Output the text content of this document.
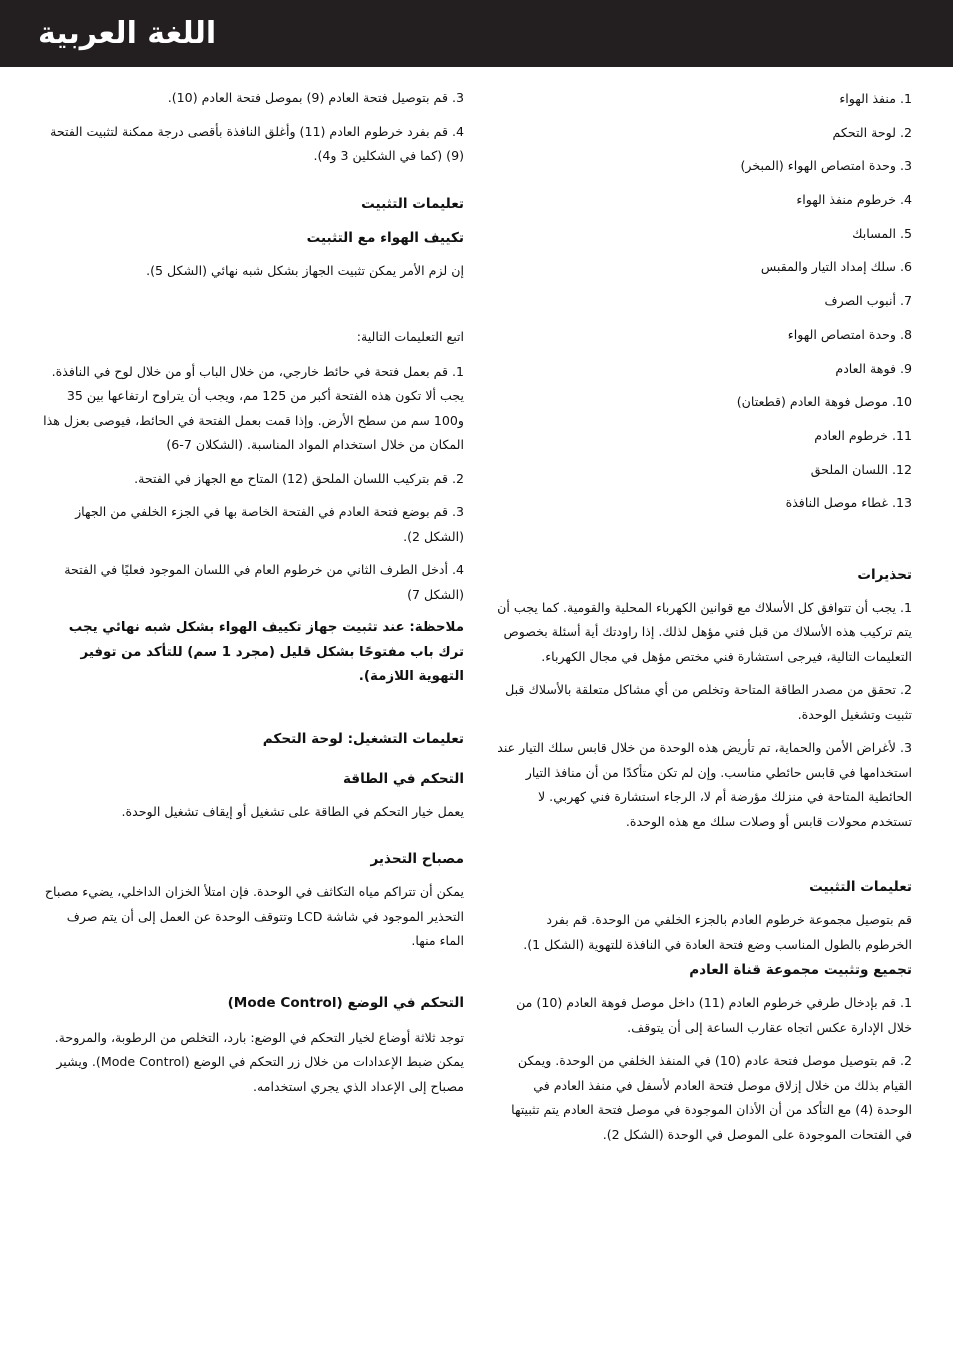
اللغة العربية
1. منفذ الهواء
2. لوحة التحكم
3. وحدة امتصاص الهواء (المبخر)
4. خرطوم منفذ الهواء
5. المسابك
6. سلك إمداد التيار والمقبس
7. أنبوب الصرف
8. وحدة امتصاص الهواء
9. فوهة العادم
10. موصل فوهة العادم (قطعتان)
11. خرطوم العادم
12. اللسان الملحق
13. غطاء موصل النافذة
تحذيرات

1. يجب أن تتوافق كل الأسلاك مع قوانين الكهرباء المحلية والقومية. كما يجب أن يتم تركيب هذه الأسلاك من قبل فني مؤهل لذلك. إذا راودتك أية أسئلة بخصوص التعليمات التالية، فيرجى استشارة فني مختص مؤهل في مجال الكهرباء.

2. تحقق من مصدر الطاقة المتاحة وتخلص من أي مشاكل متعلقة بالأسلاك قبل تثبيت وتشغيل الوحدة.

3. لأغراض الأمن والحماية، تم تأريض هذه الوحدة من خلال قابس سلك التيار عند استخدامها في قابس حائطي مناسب. وإن لم تكن متأكدًا من أن منافذ التيار الحائطية المتاحة في منزلك مؤرضة أم لا، الرجاء استشارة فني كهربي. لا تستخدم محولات قابس أو وصلات سلك مع هذه الوحدة.

تعليمات التثبيت

قم بتوصيل مجموعة خرطوم العادم بالجزء الخلفي من الوحدة. قم بفرد الخرطوم بالطول المناسب وضع فتحة العادة في النافذة للتهوية (الشكل 1).

تجميع وتثبيت مجموعة قناة العادم

1. قم بإدخال طرفي خرطوم العادم (11) داخل موصل فوهة العادم (10) من خلال الإدارة عكس اتجاه عقارب الساعة إلى أن يتوقف.

2. قم بتوصيل موصل فتحة عادم (10) في المنفذ الخلفي من الوحدة. ويمكن القيام بذلك من خلال إزلاق موصل فتحة العادم لأسفل في منفذ العادم في الوحدة (4) مع التأكد من أن الأذان الموجودة في موصل فتحة العادم يتم تثبيتها في الفتحات الموجودة على الموصل في الوحدة (الشكل 2).

3. قم بتوصيل فتحة العادم (9) بموصل فتحة العادم (10).

4. قم بفرد خرطوم العادم (11) وأغلق النافذة بأقصى درجة ممكنة لتثبيت الفتحة (9) (كما في الشكلين 3 و4).

تعليمات التثبيت
تكييف الهواء مع التثبيت

إن لزم الأمر يمكن تثبيت الجهاز بشكل شبه نهائي (الشكل 5).

اتبع التعليمات التالية:

1. قم بعمل فتحة في حائط خارجي، من خلال الباب أو من خلال لوح في النافذة. يجب ألا تكون هذه الفتحة أكبر من 125 مم، ويجب أن يتراوح ارتفاعها بين 35 و100 سم من سطح الأرض. وإذا قمت بعمل الفتحة في الحائط، فيوصى بعزل هذا المكان من خلال استخدام المواد المناسبة. (الشكلان 7-6)

2. قم بتركيب اللسان الملحق (12) المتاح مع الجهاز في الفتحة.

3. قم بوضع فتحة العادم في الفتحة الخاصة بها في الجزء الخلفي من الجهاز (الشكل 2).

4. أدخل الطرف الثاني من خرطوم العام في اللسان الموجود فعليًا في الفتحة (الشكل 7)

ملاحظة: عند تثبيت جهاز تكييف الهواء بشكل شبه نهائي يجب ترك باب مفتوحًا بشكل قليل (مجرد 1 سم) للتأكد من توفير التهوية اللازمة).

تعليمات التشغيل: لوحة التحكم
التحكم في الطاقة

يعمل خيار التحكم في الطاقة على تشغيل أو إيقاف تشغيل الوحدة.

مصباح التحذير

يمكن أن تتراكم مياه التكاثف في الوحدة. فإن امتلأ الخزان الداخلي، يضيء مصباح التحذير الموجود في شاشة LCD وتتوقف الوحدة عن العمل إلى أن يتم صرف الماء منها.

التحكم في الوضع (Mode Control)

توجد ثلاثة أوضاع لخيار التحكم في الوضع: بارد، التخلص من الرطوبة، والمروحة. يمكن ضبط الإعدادات من خلال زر التحكم في الوضع (Mode Control). ويشير مصباح إلى الإعداد الذي يجري استخدامه.
